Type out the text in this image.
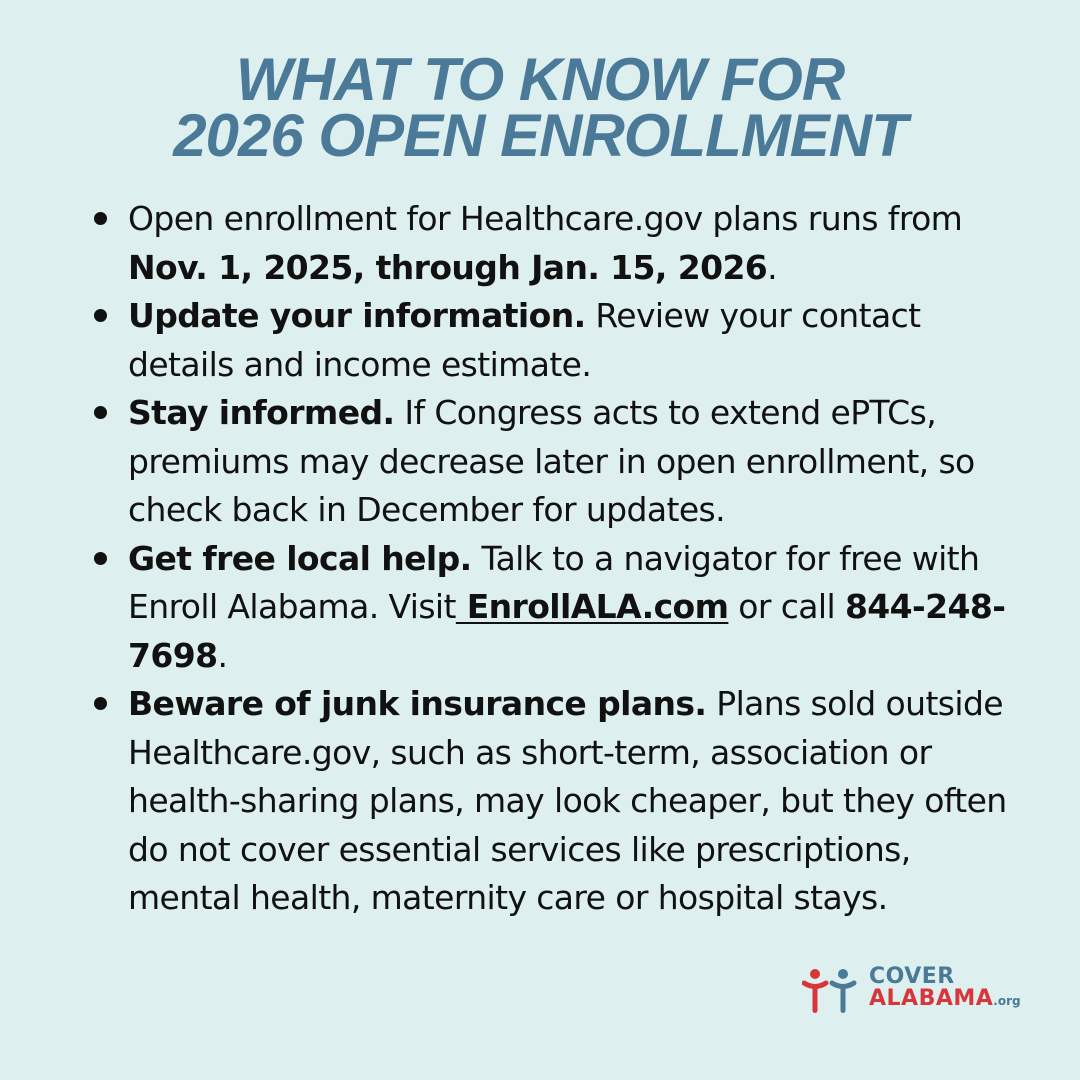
WHAT TO KNOW FOR
2026 OPEN ENROLLMENT
Open enrollment for Healthcare.gov plans runs from Nov. 1, 2025, through Jan. 15, 2026.
Update your information. Review your contact details and income estimate.
Stay informed. If Congress acts to extend ePTCs, premiums may decrease later in open enrollment, so check back in December for updates.
Get free local help. Talk to a navigator for free with Enroll Alabama. Visit EnrollALA.com or call 844-248-7698.
Beware of junk insurance plans. Plans sold outside Healthcare.gov, such as short-term, association or health-sharing plans, may look cheaper, but they often do not cover essential services like prescriptions, mental health, maternity care or hospital stays.
COVER
ALABAMA.org
